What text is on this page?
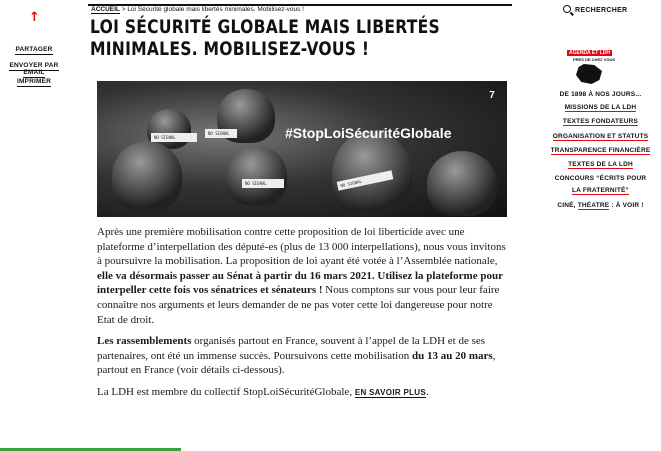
↑
PARTAGER
ENVOYER PAR EMAIL
IMPRIMER
ACCUEIL > Loi Sécurité globale mais libertés minimales. Mobilisez-vous !
LOI SÉCURITÉ GLOBALE MAIS LIBERTÉS MINIMALES. MOBILISEZ-VOUS !
NO SIGNAL
NO SIGNAL
NO SIGNAL	NO SIGNAL
#StopLoiSécuritéGlobale
7

Après une première mobilisation contre cette proposition de loi liberticide avec une plateforme d’interpellation des député-es (plus de 13 000 interpellations), nous vous invitons à poursuivre la mobilisation. La proposition de loi ayant été votée à l’Assemblée nationale, elle va désormais passer au Sénat à partir du 16 mars 2021. Utilisez la plateforme pour interpeller cette fois vos sénatrices et sénateurs ! Nous comptons sur vous pour leur faire connaître nos arguments et leurs demander de ne pas voter cette loi dangereuse pour notre Etat de droit.

Les rassemblements organisés partout en France, souvent à l’appel de la LDH et de ses partenaires, ont été un immense succès. Poursuivons cette mobilisation du 13 au 20 mars, partout en France (voir détails ci-dessous).

La LDH est membre du collectif StopLoiSécuritéGlobale, EN SAVOIR PLUS.

RECHERCHER
AGENDA ET LDH
PRÈS DE CHEZ VOUS
DE 1898 À NOS JOURS...
MISSIONS DE LA LDH
TEXTES FONDATEURS
ORGANISATION ET STATUTS
TRANSPARENCE FINANCIÈRE
TEXTES DE LA LDH
CONCOURS “ÉCRITS POUR
LA FRATERNITÉ”
CINÉ, THÉATRE : À VOIR !
